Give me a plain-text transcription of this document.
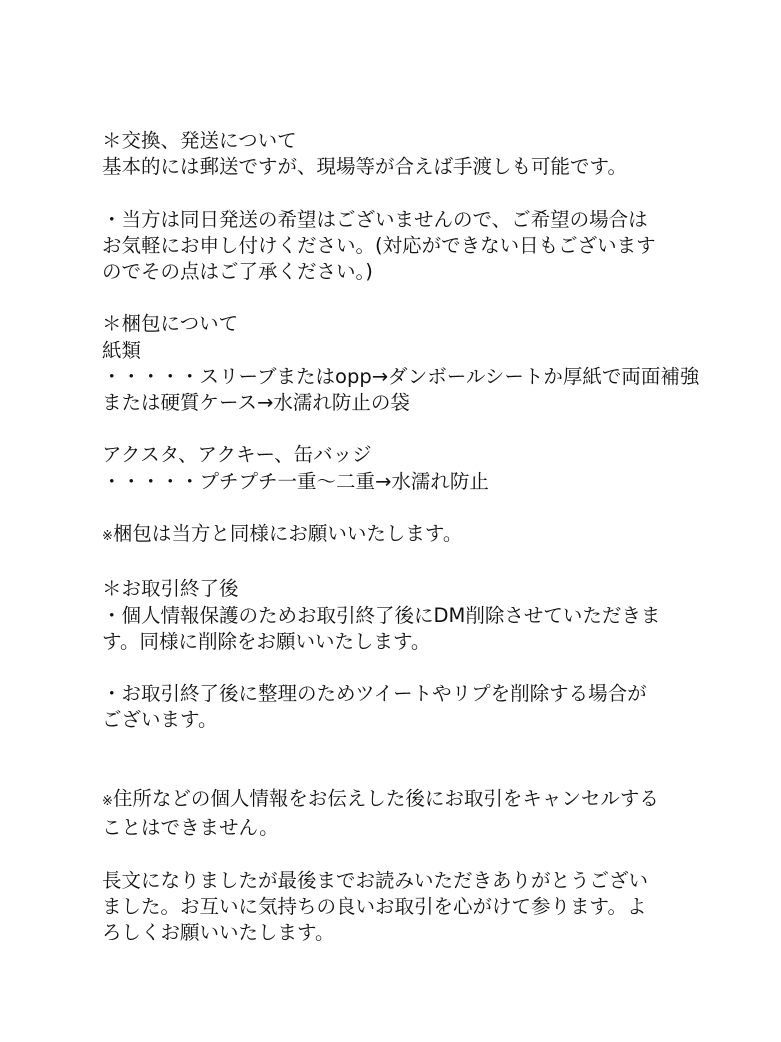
＊交換、発送について
基本的には郵送ですが、現場等が合えば手渡しも可能です。
・当方は同日発送の希望はございませんので、ご希望の場合は
お気軽にお申し付けください。(対応ができない日もございます
のでその点はご了承ください。)
＊梱包について
紙類
・・・・・スリーブまたはopp→ダンボールシートか厚紙で両面補強
または硬質ケース→水濡れ防止の袋
アクスタ、アクキー、缶バッジ
・・・・・プチプチ一重〜二重→水濡れ防止
※梱包は当方と同様にお願いいたします。
＊お取引終了後
・個人情報保護のためお取引終了後にDM削除させていただきま
す。同様に削除をお願いいたします。
・お取引終了後に整理のためツイートやリプを削除する場合が
ございます。
※住所などの個人情報をお伝えした後にお取引をキャンセルする
ことはできません。
長文になりましたが最後までお読みいただきありがとうござい
ました。お互いに気持ちの良いお取引を心がけて参ります。よ
ろしくお願いいたします。
